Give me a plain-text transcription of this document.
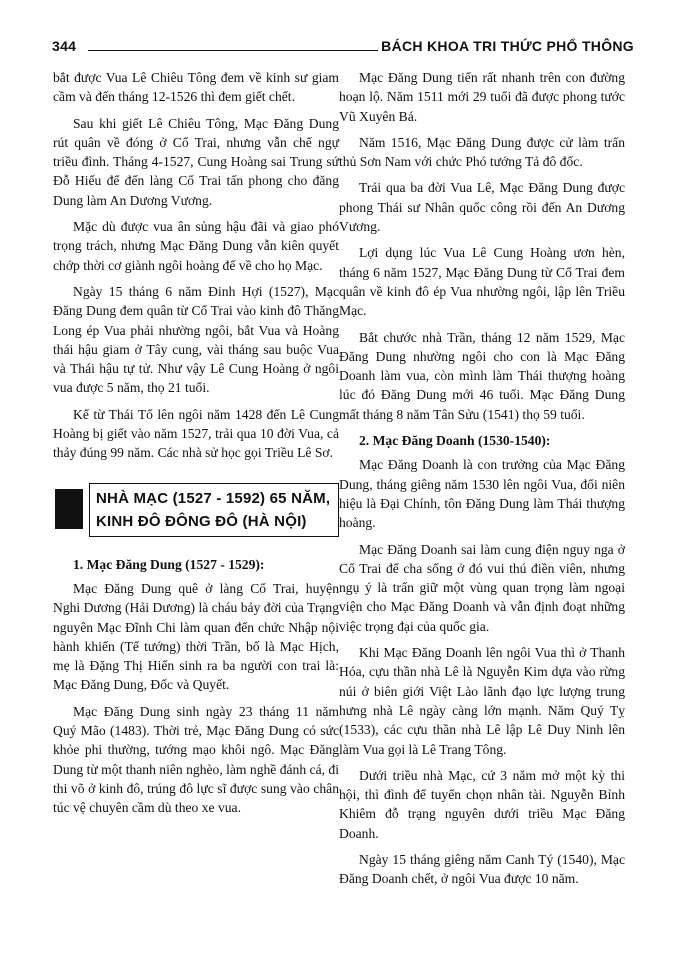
344	BÁCH KHOA TRI THỨC PHỔ THÔNG

bắt được Vua Lê Chiêu Tông đem về kinh sư giam cầm và đến tháng 12-1526 thì đem giết chết.

Sau khi giết Lê Chiêu Tông, Mạc Đăng Dung rút quân về đóng ở Cổ Trai, nhưng vẫn chế ngự triều đình. Tháng 4-1527, Cung Hoàng sai Trung sứ Đỗ Hiếu để đến làng Cổ Trai tấn phong cho đăng Dung làm An Dương Vương.

Mặc dù được vua ân sủng hậu đãi và giao phó trọng trách, nhưng Mạc Đăng Dung vẫn kiên quyết chớp thời cơ giành ngôi hoàng đế về cho họ Mạc.

Ngày 15 tháng 6 năm Đinh Hợi (1527), Mạc Đăng Dung đem quân từ Cổ Trai vào kinh đô Thăng Long ép Vua phải nhường ngôi, bắt Vua và Hoàng thái hậu giam ở Tây cung, vài tháng sau buộc Vua và Thái hậu tự tử. Như vậy Lê Cung Hoàng ở ngôi vua được 5 năm, thọ 21 tuổi.

Kể từ Thái Tổ lên ngôi năm 1428 đến Lê Cung Hoàng bị giết vào năm 1527, trải qua 10 đời Vua, cả thảy đúng 99 năm. Các nhà sử học gọi Triều Lê Sơ.

NHÀ MẠC (1527 - 1592) 65 NĂM,
KINH ĐÔ ĐÔNG ĐÔ (HÀ NỘI)
1. Mạc Đăng Dung (1527 - 1529):

Mạc Đăng Dung quê ở làng Cổ Trai, huyện Nghi Dương (Hải Dương) là cháu bảy đời của Trạng nguyên Mạc Đĩnh Chi làm quan đến chức Nhập nội hành khiển (Tể tướng) thời Trần, bố là Mạc Hịch, mẹ là Đặng Thị Hiến sinh ra ba người con trai là: Mạc Đăng Dung, Đốc và Quyết.

Mạc Đăng Dung sinh ngày 23 tháng 11 năm Quý Mão (1483). Thời trẻ, Mạc Đăng Dung có sức khỏe phi thường, tướng mạo khôi ngô. Mạc Đăng Dung từ một thanh niên nghèo, làm nghề đánh cá, đi thi võ ở kinh đô, trúng đô lực sĩ được sung vào chân túc vệ chuyên cầm dù theo xe vua.

Mạc Đăng Dung tiến rất nhanh trên con đường hoạn lộ. Năm 1511 mới 29 tuổi đã được phong tước Vũ Xuyên Bá.

Năm 1516, Mạc Đăng Dung được cử làm trấn thủ Sơn Nam với chức Phó tướng Tả đô đốc.

Trải qua ba đời Vua Lê, Mạc Đăng Dung được phong Thái sư Nhân quốc công rồi đến An Dương Vương.

Lợi dụng lúc Vua Lê Cung Hoàng ươn hèn, tháng 6 năm 1527, Mạc Đăng Dung từ Cổ Trai đem quân về kinh đô ép Vua nhường ngôi, lập lên Triều Mạc.

Bắt chước nhà Trần, tháng 12 năm 1529, Mạc Đăng Dung nhường ngôi cho con là Mạc Đăng Doanh làm vua, còn mình làm Thái thượng hoàng lúc đó Đăng Dung mới 46 tuổi. Mạc Đăng Dung mất tháng 8 năm Tân Sửu (1541) thọ 59 tuổi.

2. Mạc Đăng Doanh (1530-1540):

Mạc Đăng Doanh là con trưởng của Mạc Đăng Dung, tháng giêng năm 1530 lên ngôi Vua, đổi niên hiệu là Đại Chính, tôn Đăng Dung làm Thái thượng hoàng.

Mạc Đăng Doanh sai làm cung điện nguy nga ở Cổ Trai để cha sống ở đó vui thú điền viên, nhưng ngụ ý là trấn giữ một vùng quan trọng làm ngoại viện cho Mạc Đăng Doanh và vẫn định đoạt những việc trọng đại của quốc gia.

Khi Mạc Đăng Doanh lên ngôi Vua thì ở Thanh Hóa, cựu thần nhà Lê là Nguyễn Kim dựa vào rừng núi ở biên giới Việt Lào lãnh đạo lực lượng trung hưng nhà Lê ngày càng lớn mạnh. Năm Quý Tỵ (1533), các cựu thần nhà Lê lập Lê Duy Ninh lên làm Vua gọi là Lê Trang Tông.

Dưới triều nhà Mạc, cứ 3 năm mở một kỳ thi hội, thì đình để tuyển chọn nhân tài. Nguyễn Bỉnh Khiêm đỗ trạng nguyên dưới triều Mạc Đăng Doanh.

Ngày 15 tháng giêng năm Canh Tý (1540), Mạc Đăng Doanh chết, ở ngôi Vua được 10 năm.
